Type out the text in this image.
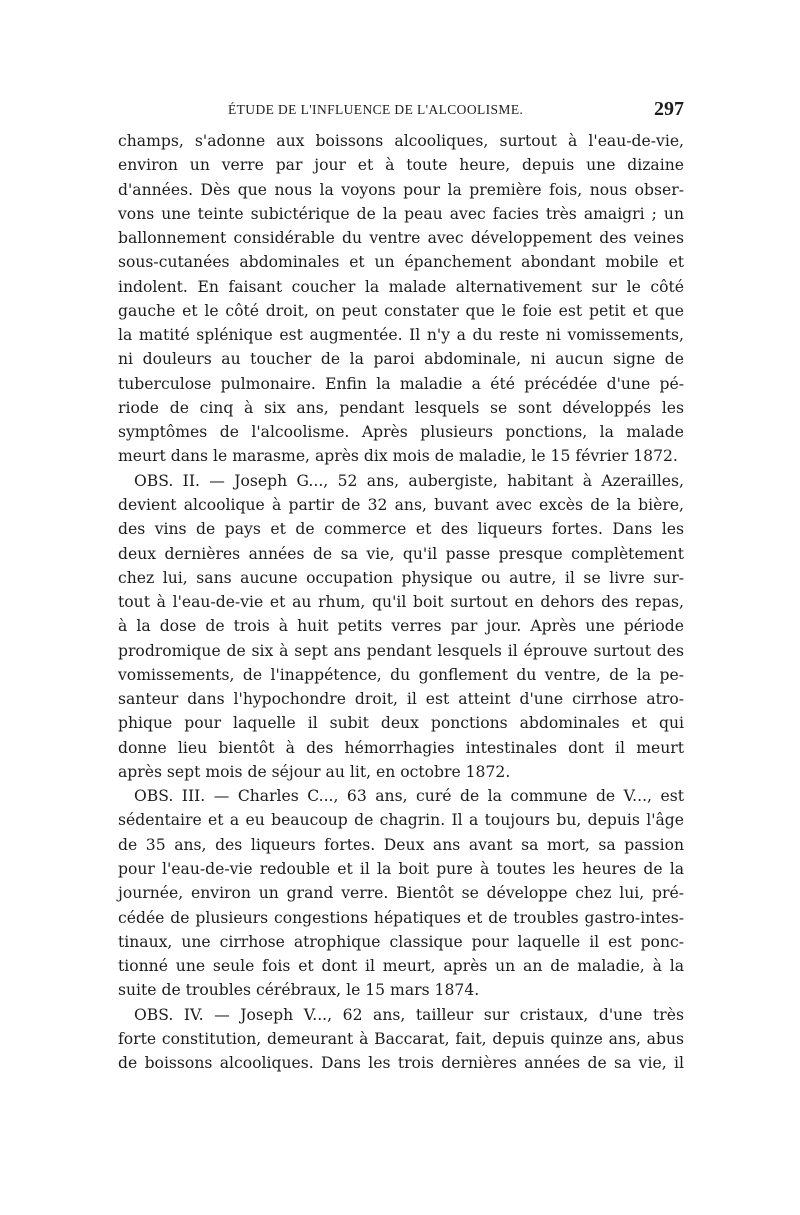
ÉTUDE DE L'INFLUENCE DE L'ALCOOLISME.	297
champs, s'adonne aux boissons alcooliques, surtout à l'eau-de-vie,
environ un verre par jour et à toute heure, depuis une dizaine
d'années. Dès que nous la voyons pour la première fois, nous obser-
vons une teinte subictérique de la peau avec facies très amaigri ; un
ballonnement considérable du ventre avec développement des veines
sous-cutanées abdominales et un épanchement abondant mobile et
indolent. En faisant coucher la malade alternativement sur le côté
gauche et le côté droit, on peut constater que le foie est petit et que
la matité splénique est augmentée. Il n'y a du reste ni vomissements,
ni douleurs au toucher de la paroi abdominale, ni aucun signe de
tuberculose pulmonaire. Enfin la maladie a été précédée d'une pé-
riode de cinq à six ans, pendant lesquels se sont développés les
symptômes de l'alcoolisme. Après plusieurs ponctions, la malade
meurt dans le marasme, après dix mois de maladie, le 15 février 1872.
OBS. II. — Joseph G..., 52 ans, aubergiste, habitant à Azerailles,
devient alcoolique à partir de 32 ans, buvant avec excès de la bière,
des vins de pays et de commerce et des liqueurs fortes. Dans les
deux dernières années de sa vie, qu'il passe presque complètement
chez lui, sans aucune occupation physique ou autre, il se livre sur-
tout à l'eau-de-vie et au rhum, qu'il boit surtout en dehors des repas,
à la dose de trois à huit petits verres par jour. Après une période
prodromique de six à sept ans pendant lesquels il éprouve surtout des
vomissements, de l'inappétence, du gonflement du ventre, de la pe-
santeur dans l'hypochondre droit, il est atteint d'une cirrhose atro-
phique pour laquelle il subit deux ponctions abdominales et qui
donne lieu bientôt à des hémorrhagies intestinales dont il meurt
après sept mois de séjour au lit, en octobre 1872.
OBS. III. — Charles C..., 63 ans, curé de la commune de V..., est
sédentaire et a eu beaucoup de chagrin. Il a toujours bu, depuis l'âge
de 35 ans, des liqueurs fortes. Deux ans avant sa mort, sa passion
pour l'eau-de-vie redouble et il la boit pure à toutes les heures de la
journée, environ un grand verre. Bientôt se développe chez lui, pré-
cédée de plusieurs congestions hépatiques et de troubles gastro-intes-
tinaux, une cirrhose atrophique classique pour laquelle il est ponc-
tionné une seule fois et dont il meurt, après un an de maladie, à la
suite de troubles cérébraux, le 15 mars 1874.
OBS. IV. — Joseph V..., 62 ans, tailleur sur cristaux, d'une très
forte constitution, demeurant à Baccarat, fait, depuis quinze ans, abus
de boissons alcooliques. Dans les trois dernières années de sa vie, il
